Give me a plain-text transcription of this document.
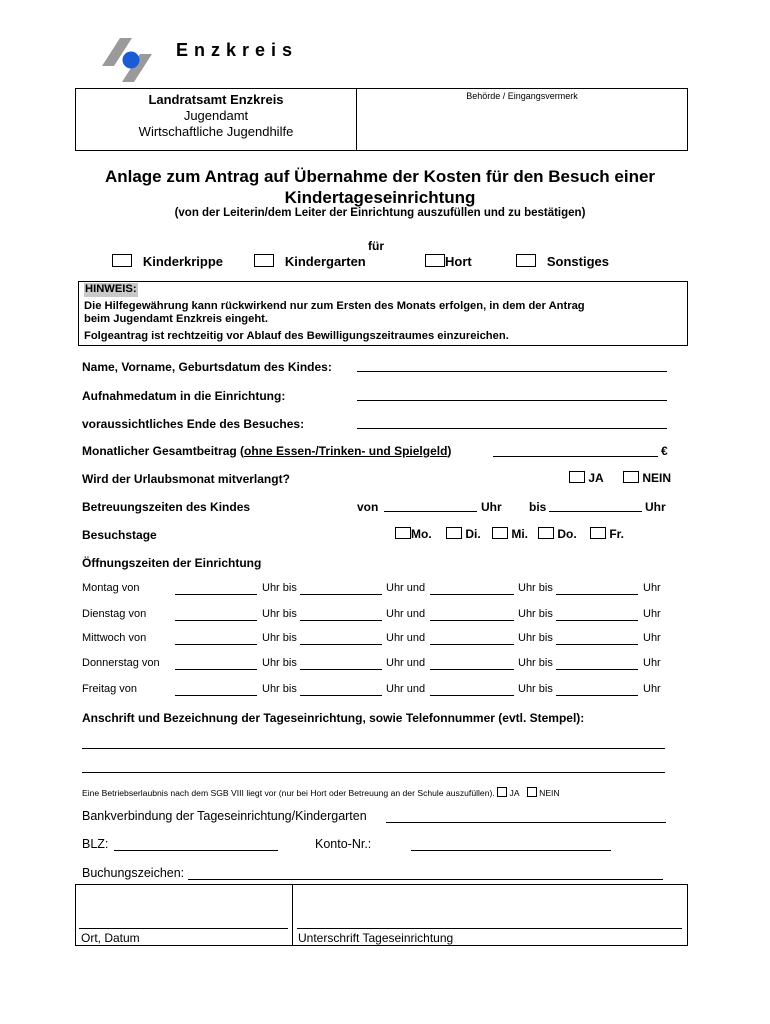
Enzkreis
Landratsamt Enzkreis
Jugendamt
Wirtschaftliche Jugendhilfe
Behörde / Eingangsvermerk
Anlage zum Antrag auf Übernahme der Kosten für den Besuch einer
Kindertageseinrichtung
(von der Leiterin/dem Leiter der Einrichtung auszufüllen und zu bestätigen)
für
Kinderkrippe	Kindergarten	Hort	Sonstiges
HINWEIS:
Die Hilfegewährung kann rückwirkend nur zum Ersten des Monats erfolgen, in dem der Antrag
beim Jugendamt Enzkreis eingeht.
Folgeantrag ist rechtzeitig vor Ablauf des Bewilligungszeitraumes einzureichen.
Name, Vorname, Geburtsdatum des Kindes:
Aufnahmedatum in die Einrichtung:
voraussichtliches Ende des Besuches:
Monatlicher Gesamtbeitrag (ohne Essen-/Trinken- und Spielgeld)	€
Wird der Urlaubsmonat mitverlangt?	JA	NEIN
Betreuungszeiten des Kindes	von	Uhr bis	Uhr
Besuchstage	Mo.	Di.	Mi.	Do.	Fr.
Öffnungszeiten der Einrichtung
Montag von	Uhr bis	Uhr und	Uhr bis	Uhr
Dienstag von	Uhr bis	Uhr und	Uhr bis	Uhr
Mittwoch von	Uhr bis	Uhr und	Uhr bis	Uhr
Donnerstag von	Uhr bis	Uhr und	Uhr bis	Uhr
Freitag von	Uhr bis	Uhr und	Uhr bis	Uhr
Anschrift und Bezeichnung der Tageseinrichtung, sowie Telefonnummer (evtl. Stempel):
Eine Betriebserlaubnis nach dem SGB VIII liegt vor (nur bei Hort oder Betreuung an der Schule auszufüllen). JA NEIN
Bankverbindung der Tageseinrichtung/Kindergarten
BLZ:	Konto-Nr.:
Buchungszeichen:
Ort, Datum	Unterschrift Tageseinrichtung
